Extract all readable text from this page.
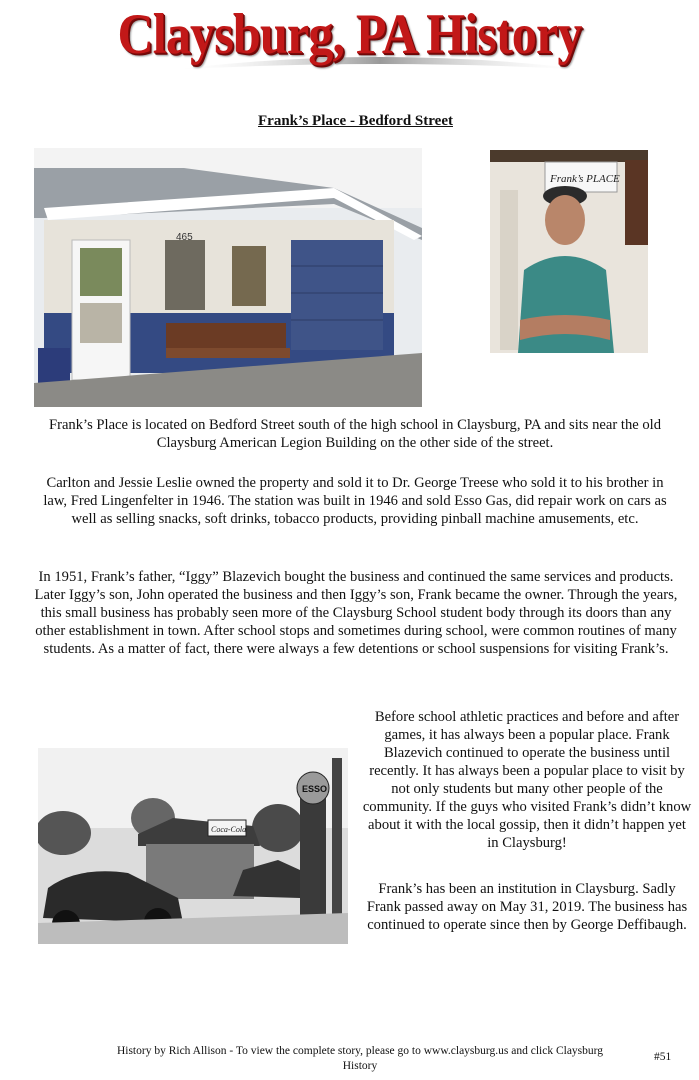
Claysburg, PA History
Frank’s Place - Bedford Street
465
Frank’s PLACE
Coca-Cola
ESSO

Frank’s Place is located on Bedford Street south of the high school in Claysburg, PA and sits near the old Claysburg American Legion Building on the other side of the street.

Carlton and Jessie Leslie owned the property and sold it to Dr. George Treese who sold it to his brother in law, Fred Lingenfelter in 1946. The station was built in 1946 and sold Esso Gas, did repair work on cars as well as selling snacks, soft drinks, tobacco products, providing pinball machine amusements, etc.

In 1951, Frank’s father, “Iggy” Blazevich bought the business and continued the same services and products. Later Iggy’s son, John operated the business and then Iggy’s son, Frank became the owner. Through the years, this small business has probably seen more of the Claysburg School student body through its doors than any other establishment in town. After school stops and sometimes during school, were common routines of many students. As a matter of fact, there were always a few detentions or school suspensions for visiting Frank’s.

Before school athletic practices and before and after games, it has always been a popular place. Frank Blazevich continued to operate the business until recently. It has always been a popular place to visit by not only students but many other people of the community. If the guys who visited Frank’s didn’t know about it with the local gossip, then it didn’t happen yet in Claysburg!

Frank’s has been an institution in Claysburg. Sadly Frank passed away on May 31, 2019. The business has continued to operate since then by George Deffibaugh.

History by Rich Allison - To view the complete story, please go to www.claysburg.us and click Claysburg History
#51
